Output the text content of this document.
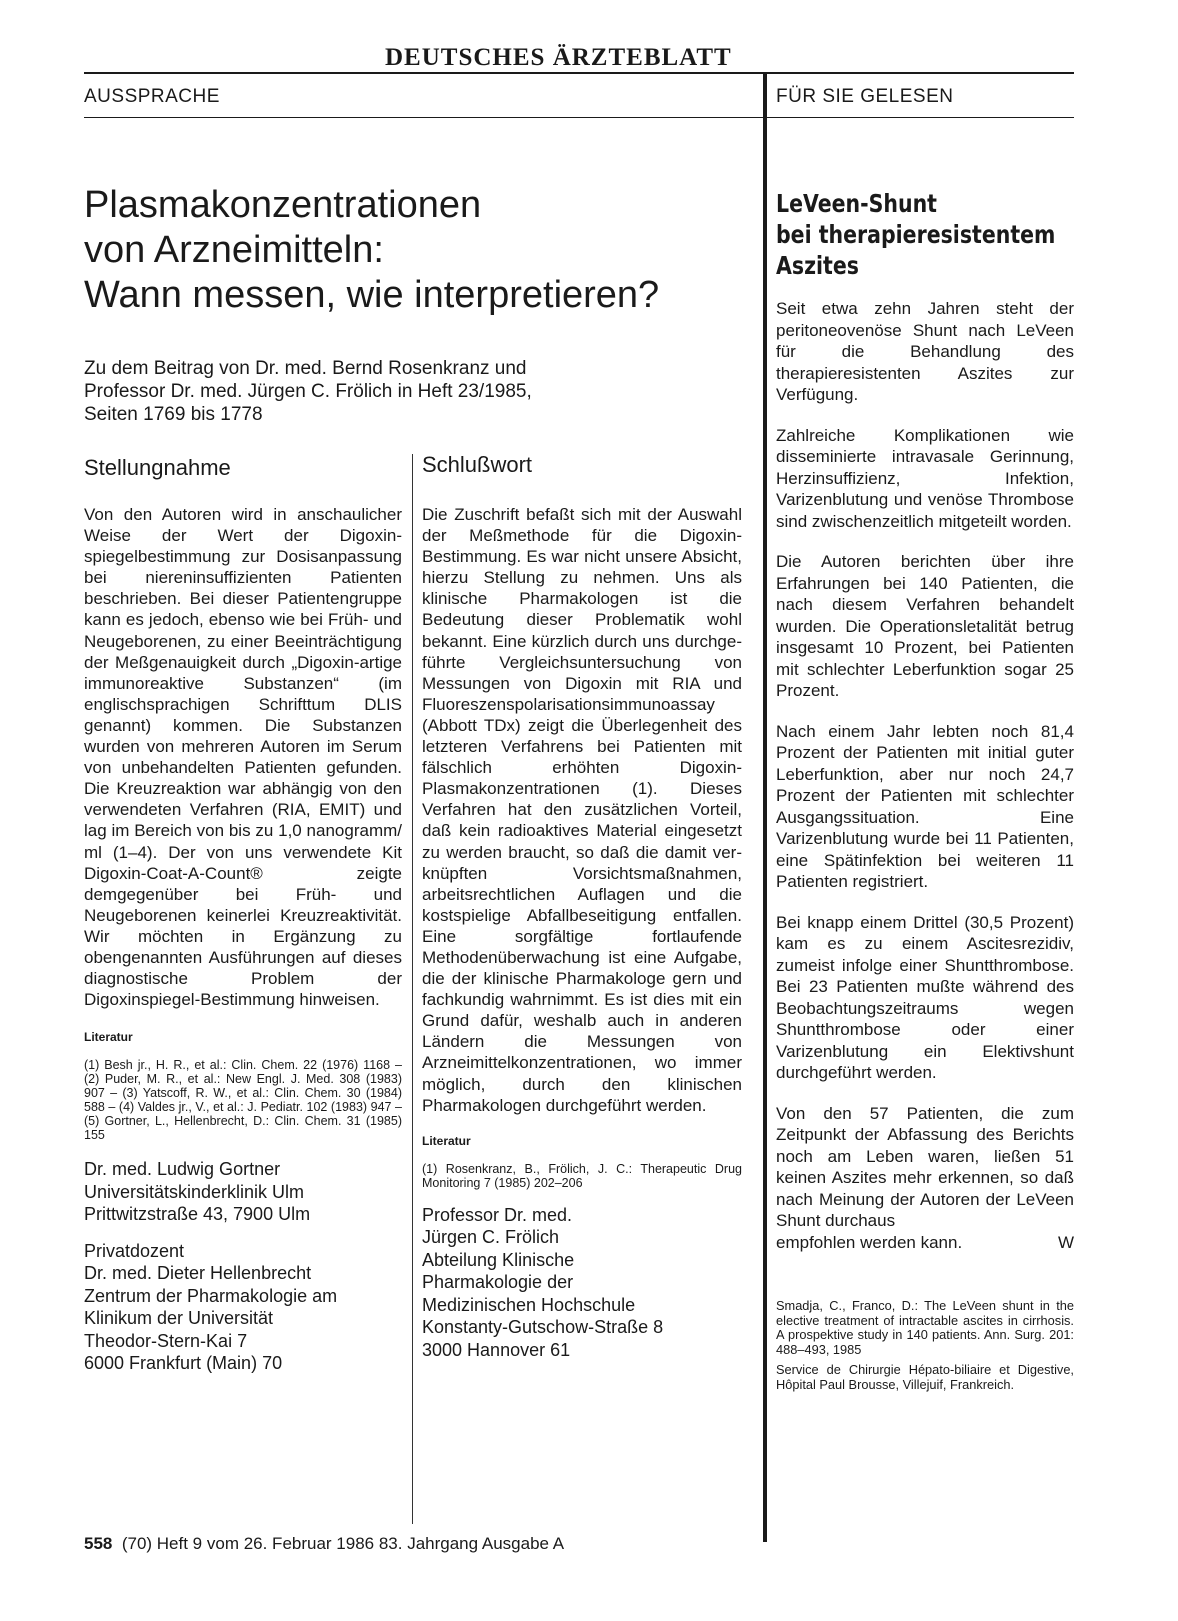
DEUTSCHES ÄRZTEBLATT
AUSSPRACHE	FÜR SIE GELESEN
Plasmakonzentrationen
von Arzneimitteln:
Wann messen, wie interpretieren?
Zu dem Beitrag von Dr. med. Bernd Rosenkranz und
Professor Dr. med. Jürgen C. Frölich in Heft 23/1985,
Seiten 1769 bis 1778
Stellungnahme

Von den Autoren wird in anschaulicher Weise der Wert der Digoxinspiegelbestimmung zur Dosisanpassung bei niereninsuffizienten Patienten beschrieben. Bei dieser Patientengruppe kann es jedoch, ebenso wie bei Früh- und Neugeborenen, zu einer Beeinträchtigung der Meßgenauigkeit durch „Digoxin-artige immunoreaktive Substanzen“ (im englischsprachigen Schrifttum DLIS genannt) kommen. Die Substanzen wurden von mehreren Autoren im Serum von unbehandelten Patienten gefunden. Die Kreuzreaktion war abhängig von den verwendeten Verfahren (RIA, EMIT) und lag im Bereich von bis zu 1,0 nanogramm/ ml (1–4). Der von uns verwendete Kit Digoxin-Coat-A-Count® zeigte demgegenüber bei Früh- und Neugeborenen keinerlei Kreuzreaktivität. Wir möchten in Ergänzung zu obengenannten Ausführungen auf dieses diagnostische Problem der Digoxinspiegel-Bestimmung hinweisen.

Literatur
(1) Besh jr., H. R., et al.: Clin. Chem. 22 (1976) 1168 – (2) Puder, M. R., et al.: New Engl. J. Med. 308 (1983) 907 – (3) Yatscoff, R. W., et al.: Clin. Chem. 30 (1984) 588 – (4) Valdes jr., V., et al.: J. Pediatr. 102 (1983) 947 – (5) Gortner, L., Hellenbrecht, D.: Clin. Chem. 31 (1985) 155
Dr. med. Ludwig Gortner
Universitätskinderklinik Ulm
Prittwitzstraße 43, 7900 Ulm
Privatdozent
Dr. med. Dieter Hellenbrecht
Zentrum der Pharmakologie am
Klinikum der Universität
Theodor-Stern-Kai 7
6000 Frankfurt (Main) 70
Schlußwort

Die Zuschrift befaßt sich mit der Auswahl der Meßmethode für die Digoxin-Bestimmung. Es war nicht unsere Absicht, hierzu Stellung zu nehmen. Uns als klinische Pharmakologen ist die Bedeutung dieser Problematik wohl bekannt. Eine kürzlich durch uns durchgeführte Vergleichsuntersuchung von Messungen von Digoxin mit RIA und Fluoreszenspolarisationsimmunoassay (Abbott TDx) zeigt die Überlegenheit des letzteren Verfahrens bei Patienten mit fälschlich erhöhten Digoxin-Plasmakonzentrationen (1). Dieses Verfahren hat den zusätzlichen Vorteil, daß kein radioaktives Material eingesetzt zu werden braucht, so daß die damit verknüpften Vorsichtsmaßnahmen, arbeitsrechtlichen Auflagen und die kostspielige Abfallbeseitigung entfallen. Eine sorgfältige fortlaufende Methodenüberwachung ist eine Aufgabe, die der klinische Pharmakologe gern und fachkundig wahrnimmt. Es ist dies mit ein Grund dafür, weshalb auch in anderen Ländern die Messungen von Arzneimittelkonzentrationen, wo immer möglich, durch den klinischen Pharmakologen durchgeführt werden.

Literatur
(1) Rosenkranz, B., Frölich, J. C.: Therapeutic Drug Monitoring 7 (1985) 202–206
Professor Dr. med.
Jürgen C. Frölich
Abteilung Klinische
Pharmakologie der
Medizinischen Hochschule
Konstanty-Gutschow-Straße 8
3000 Hannover 61
LeVeen-Shunt
bei therapieresistentem
Aszites

Seit etwa zehn Jahren steht der peritoneovenöse Shunt nach LeVeen für die Behandlung des therapieresistenten Aszites zur Verfügung.

Zahlreiche Komplikationen wie disseminierte intravasale Gerinnung, Herzinsuffizienz, Infektion, Varizenblutung und venöse Thrombose sind zwischenzeitlich mitgeteilt worden.

Die Autoren berichten über ihre Erfahrungen bei 140 Patienten, die nach diesem Verfahren behandelt wurden. Die Operationsletalität betrug insgesamt 10 Prozent, bei Patienten mit schlechter Leberfunktion sogar 25 Prozent.

Nach einem Jahr lebten noch 81,4 Prozent der Patienten mit initial guter Leberfunktion, aber nur noch 24,7 Prozent der Patienten mit schlechter Ausgangssituation. Eine Varizenblutung wurde bei 11 Patienten, eine Spätinfektion bei weiteren 11 Patienten registriert.

Bei knapp einem Drittel (30,5 Prozent) kam es zu einem Ascitesrezidiv, zumeist infolge einer Shuntthrombose. Bei 23 Patienten mußte während des Beobachtungszeitraums wegen Shuntthrombose oder einer Varizenblutung ein Elektivshunt durchgeführt werden.

Von den 57 Patienten, die zum Zeitpunkt der Abfassung des Berichts noch am Leben waren, ließen 51 keinen Aszites mehr erkennen, so daß nach Meinung der Autoren der LeVeen Shunt durchaus

empfohlen werden kann.	W

Smadja, C., Franco, D.: The LeVeen shunt in the elective treatment of intractable ascites in cirrhosis. A prospektive study in 140 patients. Ann. Surg. 201: 488–493, 1985
Service de Chirurgie Hépato-biliaire et Digestive, Hôpital Paul Brousse, Villejuif, Frankreich.
558 (70) Heft 9 vom 26. Februar 1986 83. Jahrgang Ausgabe A
